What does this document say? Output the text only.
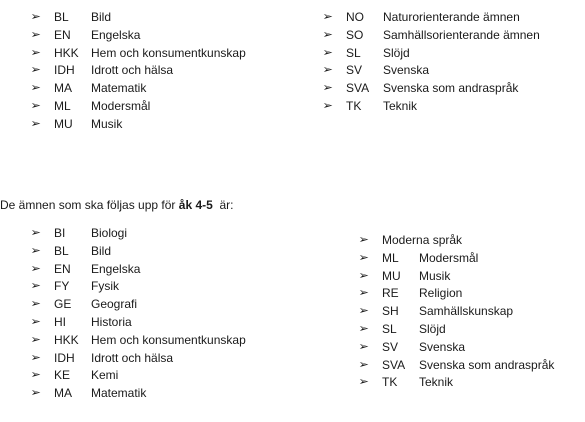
➢	BL	Bild
➢	EN	Engelska
➢	HKK	Hem och konsumentkunskap
➢	IDH	Idrott och hälsa
➢	MA	Matematik
➢	ML	Modersmål
➢	MU	Musik
➢	NO	Naturorienterande ämnen
➢	SO	Samhällsorienterande ämnen
➢	SL	Slöjd
➢	SV	Svenska
➢	SVA	Svenska som andraspråk
➢	TK	Teknik
De ämnen som ska följas upp för åk 4-5  är:
➢	BI	Biologi
➢	BL	Bild
➢	EN	Engelska
➢	FY	Fysik
➢	GE	Geografi
➢	HI	Historia
➢	HKK	Hem och konsumentkunskap
➢	IDH	Idrott och hälsa
➢	KE	Kemi
➢	MA	Matematik
➢	Moderna språk
➢	ML	Modersmål
➢	MU	Musik
➢	RE	Religion
➢	SH	Samhällskunskap
➢	SL	Slöjd
➢	SV	Svenska
➢	SVA	Svenska som andraspråk
➢	TK	Teknik
